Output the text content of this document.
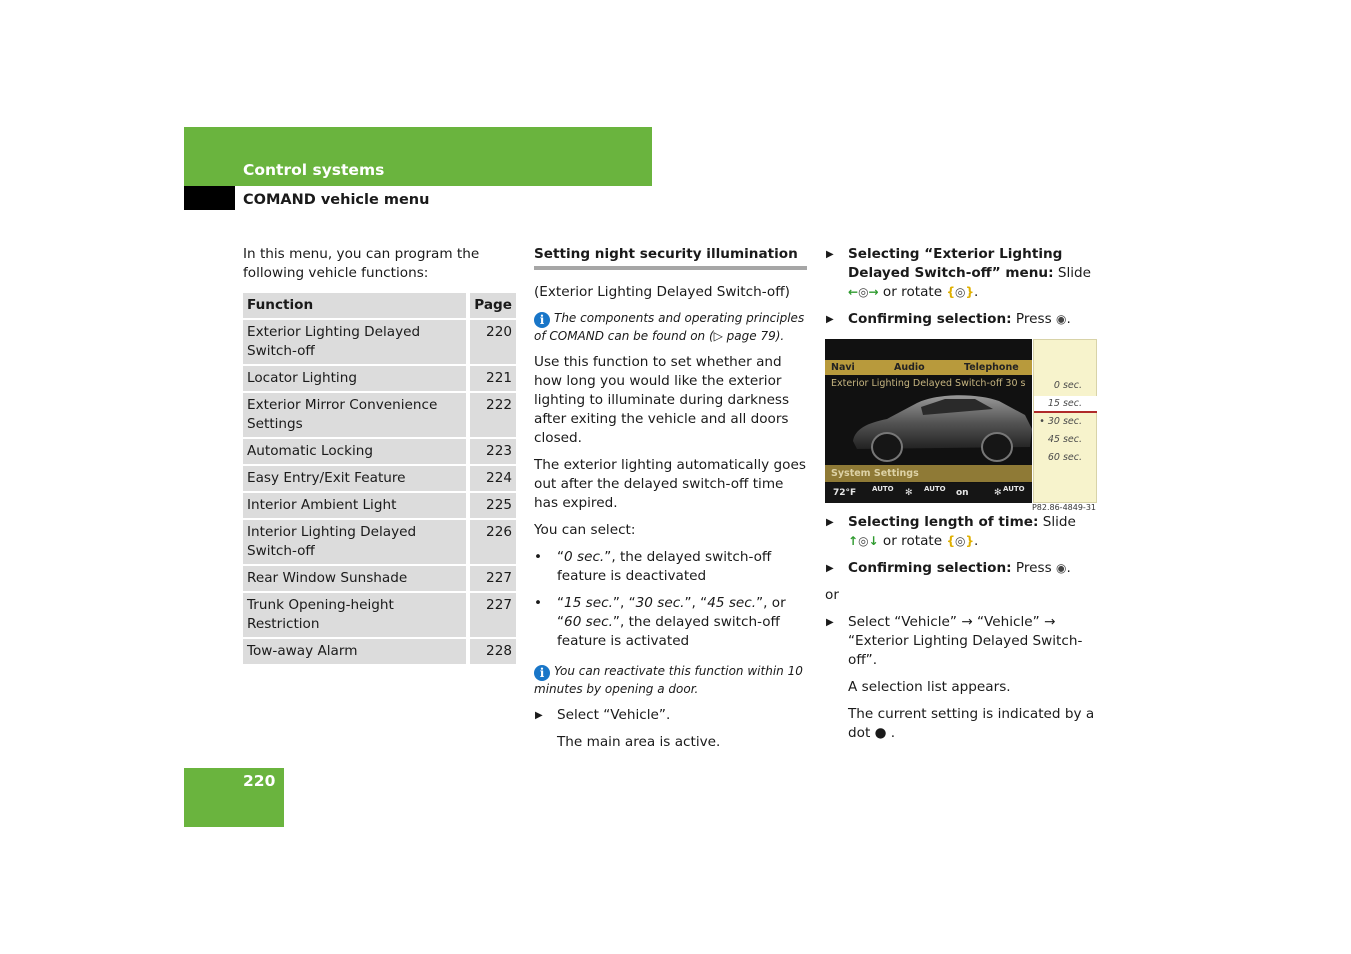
Control systems
COMAND vehicle menu

In this menu, you can program the following vehicle functions:

Function	Page
Exterior Lighting Delayed Switch-off	220
Locator Lighting	221
Exterior Mirror Convenience Settings	222
Automatic Locking	223
Easy Entry/Exit Feature	224
Interior Ambient Light	225
Interior Lighting Delayed Switch-off	226
Rear Window Sunshade	227
Trunk Opening-height Restriction	227
Tow-away Alarm	228

Setting night security illumination

(Exterior Lighting Delayed Switch-off)

i The components and operating principles of COMAND can be found on (▷ page 79).

Use this function to set whether and how long you would like the exterior lighting to illuminate during darkness after exiting the vehicle and all doors closed.

The exterior lighting automatically goes out after the delayed switch-off time has expired.

You can select:

• “0 sec.”, the delayed switch-off feature is deactivated
• “15 sec.”, “30 sec.”, “45 sec.”, or “60 sec.”, the delayed switch-off feature is activated

i You can reactivate this function within 10 minutes by opening a door.

▶ Select “Vehicle”.

The main area is active.

▶ Selecting “Exterior Lighting Delayed Switch-off” menu: Slide ←◎→ or rotate {◎}.
▶ Confirming selection: Press ◉.
Navi	Audio	Telephone
Exterior Lighting Delayed Switch-off 30 s
System Settings
72°F AUTO ✻ AUTO on	✻ AUTO
0 sec.
15 sec.
• 30 sec.
45 sec.
60 sec.
P82.86-4849-31
▶ Selecting length of time: Slide ↑◎↓ or rotate {◎}.
▶ Confirming selection: Press ◉.

or

▶ Select “Vehicle” → “Vehicle” → “Exterior Lighting Delayed Switch-off”.

A selection list appears.

The current setting is indicated by a dot ● .

220
